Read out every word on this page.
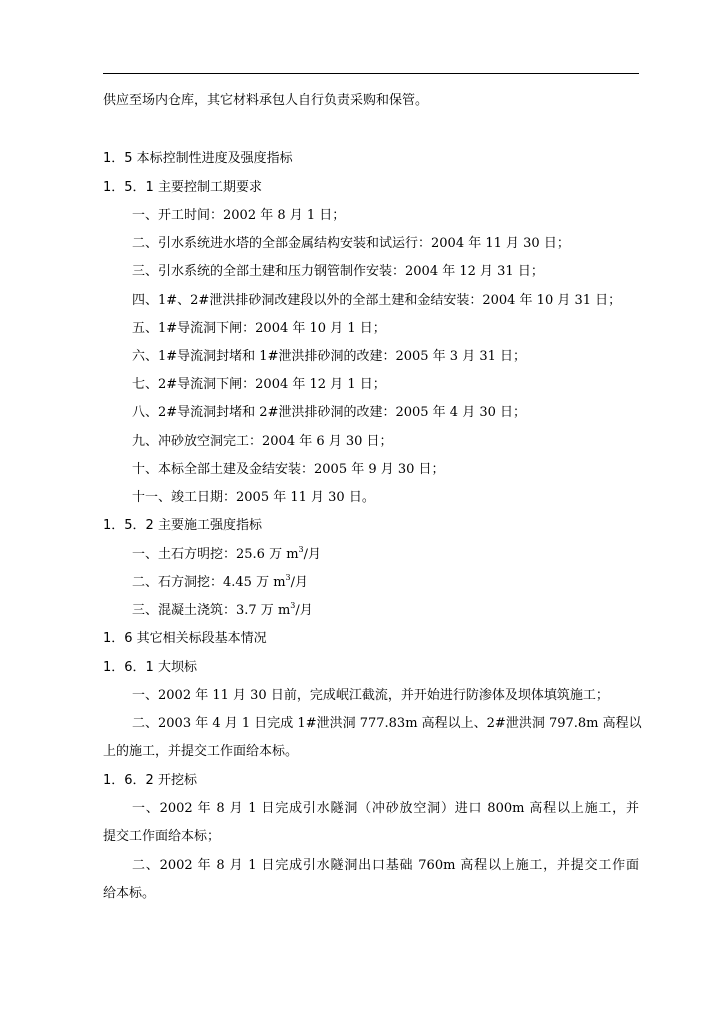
供应至场内仓库，其它材料承包人自行负责采购和保管。
1．5 本标控制性进度及强度指标
1．5．1 主要控制工期要求
一、开工时间：2002 年 8 月 1 日；
二、引水系统进水塔的全部金属结构安装和试运行：2004 年 11 月 30 日；
三、引水系统的全部土建和压力钢管制作安装：2004 年 12 月 31 日；
四、1#、2#泄洪排砂洞改建段以外的全部土建和金结安装：2004 年 10 月 31 日；
五、1#导流洞下闸：2004 年 10 月 1 日；
六、1#导流洞封堵和 1#泄洪排砂洞的改建：2005 年 3 月 31 日；
七、2#导流洞下闸：2004 年 12 月 1 日；
八、2#导流洞封堵和 2#泄洪排砂洞的改建：2005 年 4 月 30 日；
九、冲砂放空洞完工：2004 年 6 月 30 日；
十、本标全部土建及金结安装：2005 年 9 月 30 日；
十一、竣工日期：2005 年 11 月 30 日。
1．5．2 主要施工强度指标
一、土石方明挖：25.6 万 $m^3/$月
二、石方洞挖：4.45 万 $m^3/$月
三、混凝土浇筑：3.7 万 $m^3/$月
1．6 其它相关标段基本情况
1．6．1 大坝标
一、2002 年 11 月 30 日前，完成岷江截流，并开始进行防渗体及坝体填筑施工；
二、2003 年 4 月 1 日完成 1#泄洪洞 777.83m 高程以上、2#泄洪洞 797.8m 高程以
上的施工，并提交工作面给本标。
1．6．2 开挖标
一、2002 年 8 月 1 日完成引水隧洞（冲砂放空洞）进口 800m 高程以上施工，并
提交工作面给本标；
二、2002 年 8 月 1 日完成引水隧洞出口基础 760m 高程以上施工，并提交工作面
给本标。
